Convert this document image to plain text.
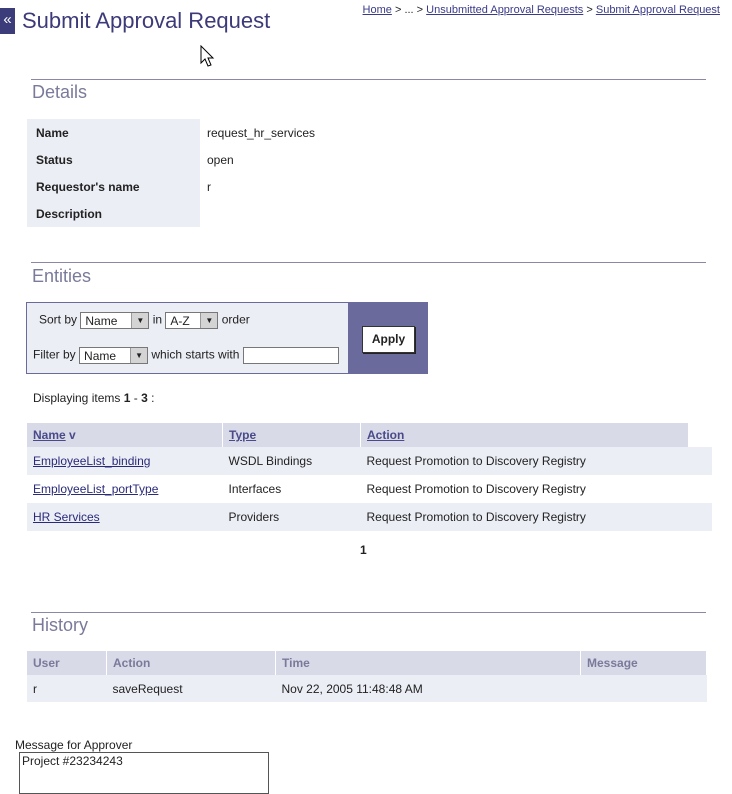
« Submit Approval Request	Home > ... > Unsubmitted Approval Requests > Submit Approval Request
Details
Name	request_hr_services
Status	open
Requestor's name	r
Description	
Entities
Sort by Name	▼ in A-Z	▼ order
Filter by Name	▼ which starts with
Apply
Displaying items 1 - 3 :
Name v	Type	Action	
EmployeeList_binding	WSDL Bindings	Request Promotion to Discovery Registry	
EmployeeList_portType	Interfaces	Request Promotion to Discovery Registry	
HR Services	Providers	Request Promotion to Discovery Registry	
1
History
User	Action	Time	Message
r	saveRequest	Nov 22, 2005 11:48:48 AM	
Message for Approver
Project #23234243
